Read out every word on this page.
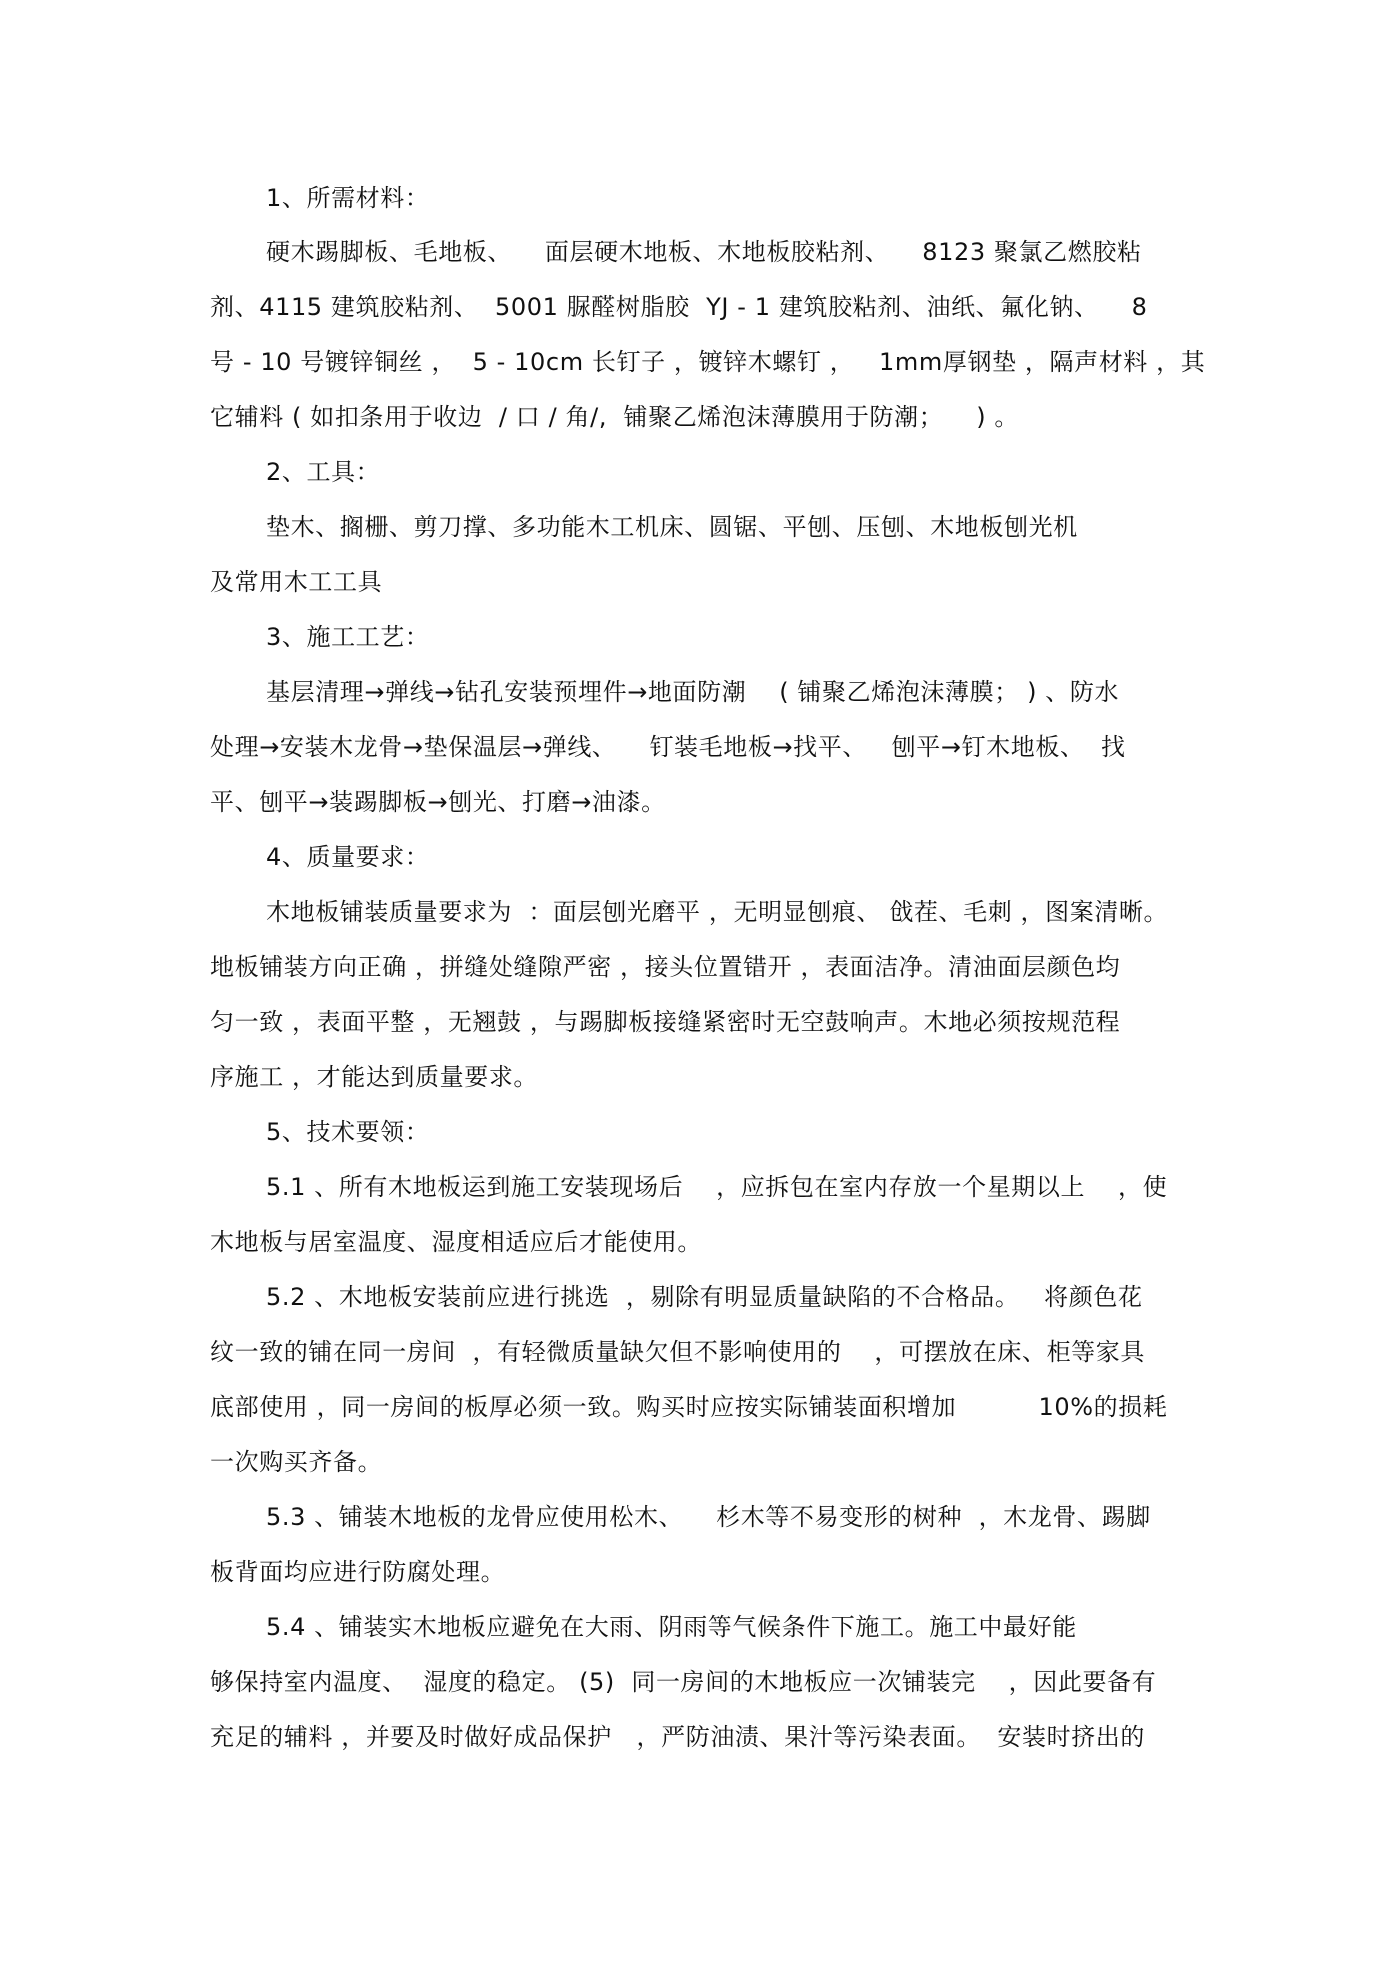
1、所需材料：
硬木踢脚板、毛地板、    面层硬木地板、木地板胶粘剂、    8123 聚氯乙燃胶粘
剂、4115 建筑胶粘剂、  5001 脲醛树脂胶  YJ - 1 建筑胶粘剂、油纸、氟化钠、    8
号 - 10 号镀锌铜丝 ，  5 - 10cm 长钉子 ，镀锌木螺钉 ，   1mm厚钢垫 ，隔声材料 ，其
它辅料 ( 如扣条用于收边  / 口 / 角/,  铺聚乙烯泡沫薄膜用于防潮；    ) 。
2、工具：
垫木、搁栅、剪刀撑、多功能木工机床、圆锯、平刨、压刨、木地板刨光机
及常用木工工具
3、施工工艺：
基层清理→弹线→钻孔安装预埋件→地面防潮    ( 铺聚乙烯泡沫薄膜； ) 、防水
处理→安装木龙骨→垫保温层→弹线、    钉装毛地板→找平、   刨平→钉木地板、  找
平、刨平→装踢脚板→刨光、打磨→油漆。
4、质量要求：
木地板铺装质量要求为  ：面层刨光磨平 ，无明显刨痕、 戗茬、毛刺 ，图案清晰。
地板铺装方向正确 ，拼缝处缝隙严密 ，接头位置错开 ，表面洁净。清油面层颜色均
匀一致 ，表面平整 ，无翘鼓 ，与踢脚板接缝紧密时无空鼓响声。木地必须按规范程
序施工 ，才能达到质量要求。
5、技术要领：
5.1 、所有木地板运到施工安装现场后    ，应拆包在室内存放一个星期以上    ，使
木地板与居室温度、湿度相适应后才能使用。
5.2 、木地板安装前应进行挑选  ，剔除有明显质量缺陷的不合格品。   将颜色花
纹一致的铺在同一房间  ，有轻微质量缺欠但不影响使用的    ，可摆放在床、柜等家具
底部使用 ，同一房间的板厚必须一致。购买时应按实际铺装面积增加          10%的损耗
一次购买齐备。
5.3 、铺装木地板的龙骨应使用松木、    杉木等不易变形的树种  ，木龙骨、踢脚
板背面均应进行防腐处理。
5.4 、铺装实木地板应避免在大雨、阴雨等气候条件下施工。施工中最好能
够保持室内温度、  湿度的稳定。 (5)  同一房间的木地板应一次铺装完    ，因此要备有
充足的辅料 ，并要及时做好成品保护   ，严防油渍、果汁等污染表面。  安装时挤出的
